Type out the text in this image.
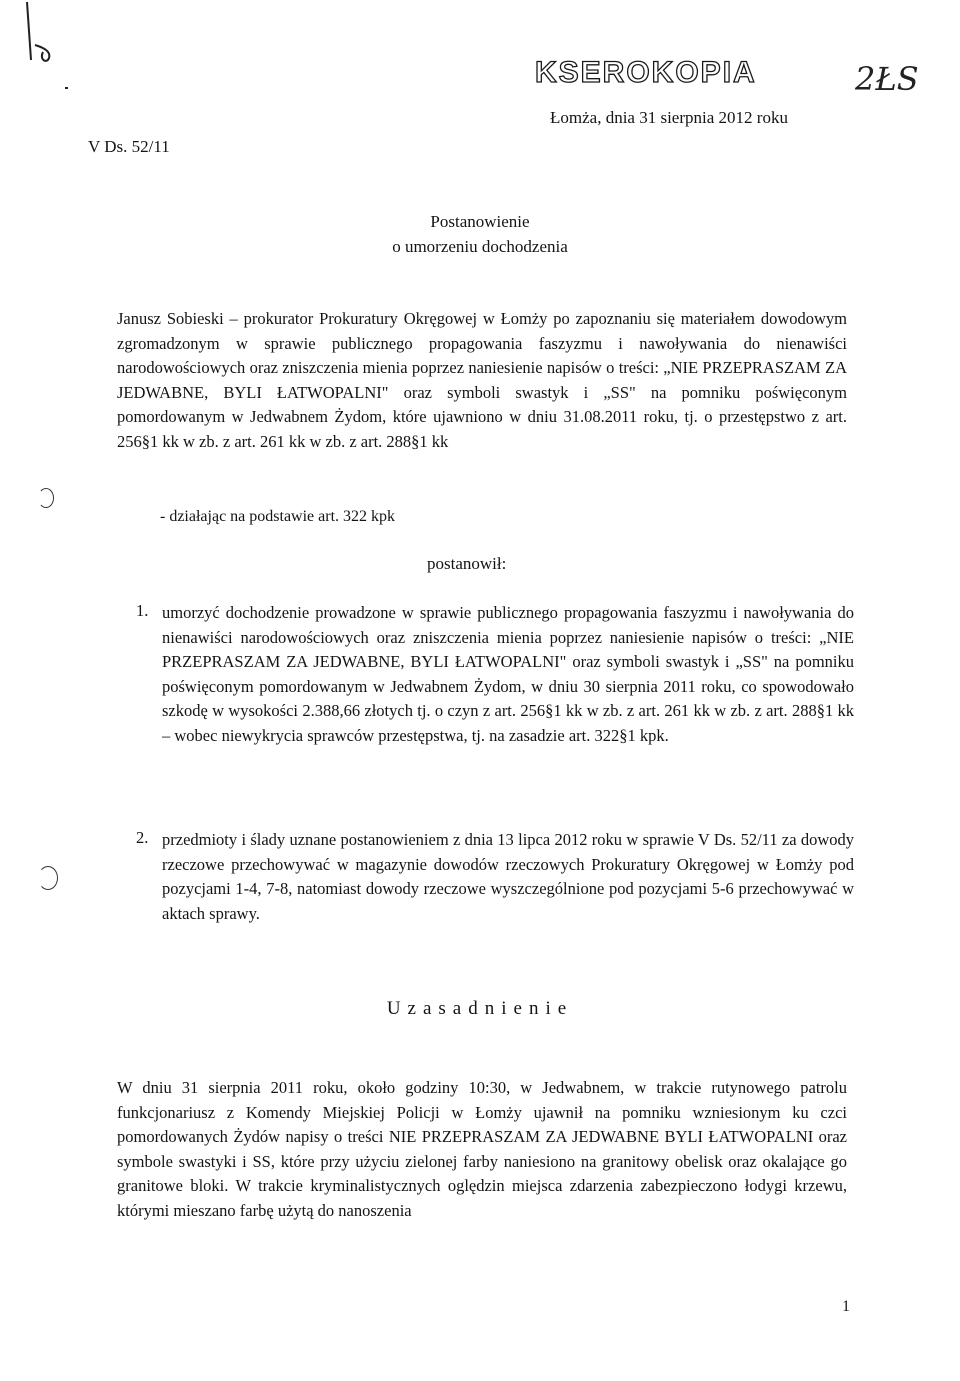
KSEROKOPIA	2ŁS
V Ds. 52/11
Łomża, dnia 31 sierpnia 2012 roku
Postanowienie
o umorzeniu dochodzenia
Janusz Sobieski – prokurator Prokuratury Okręgowej w Łomży po zapoznaniu się materiałem dowodowym zgromadzonym w sprawie publicznego propagowania faszyzmu i nawoływania do nienawiści narodowościowych oraz zniszczenia mienia poprzez naniesienie napisów o treści: „NIE PRZEPRASZAM ZA JEDWABNE, BYLI ŁATWOPALNI" oraz symboli swastyk i „SS" na pomniku poświęconym pomordowanym w Jedwabnem Żydom, które ujawniono w dniu 31.08.2011 roku, tj. o przestępstwo z art. 256§1 kk w zb. z art. 261 kk w zb. z art. 288§1 kk
- działając na podstawie art. 322 kpk
postanowił:
1. umorzyć dochodzenie prowadzone w sprawie publicznego propagowania faszyzmu i nawoływania do nienawiści narodowościowych oraz zniszczenia mienia poprzez naniesienie napisów o treści: „NIE PRZEPRASZAM ZA JEDWABNE, BYLI ŁATWOPALNI" oraz symboli swastyk i „SS" na pomniku poświęconym pomordowanym w Jedwabnem Żydom, w dniu 30 sierpnia 2011 roku, co spowodowało szkodę w wysokości 2.388,66 złotych tj. o czyn z art. 256§1 kk w zb. z art. 261 kk w zb. z art. 288§1 kk – wobec niewykrycia sprawców przestępstwa, tj. na zasadzie art. 322§1 kpk.
2. przedmioty i ślady uznane postanowieniem z dnia 13 lipca 2012 roku w sprawie V Ds. 52/11 za dowody rzeczowe przechowywać w magazynie dowodów rzeczowych Prokuratury Okręgowej w Łomży pod pozycjami 1-4, 7-8, natomiast dowody rzeczowe wyszczególnione pod pozycjami 5-6 przechowywać w aktach sprawy.
Uzasadnienie
W dniu 31 sierpnia 2011 roku, około godziny 10:30, w Jedwabnem, w trakcie rutynowego patrolu funkcjonariusz z Komendy Miejskiej Policji w Łomży ujawnił na pomniku wzniesionym ku czci pomordowanych Żydów napisy o treści NIE PRZEPRASZAM ZA JEDWABNE BYLI ŁATWOPALNI oraz symbole swastyki i SS, które przy użyciu zielonej farby naniesiono na granitowy obelisk oraz okalające go granitowe bloki. W trakcie kryminalistycznych oględzin miejsca zdarzenia zabezpieczono łodygi krzewu, którymi mieszano farbę użytą do nanoszenia
1
